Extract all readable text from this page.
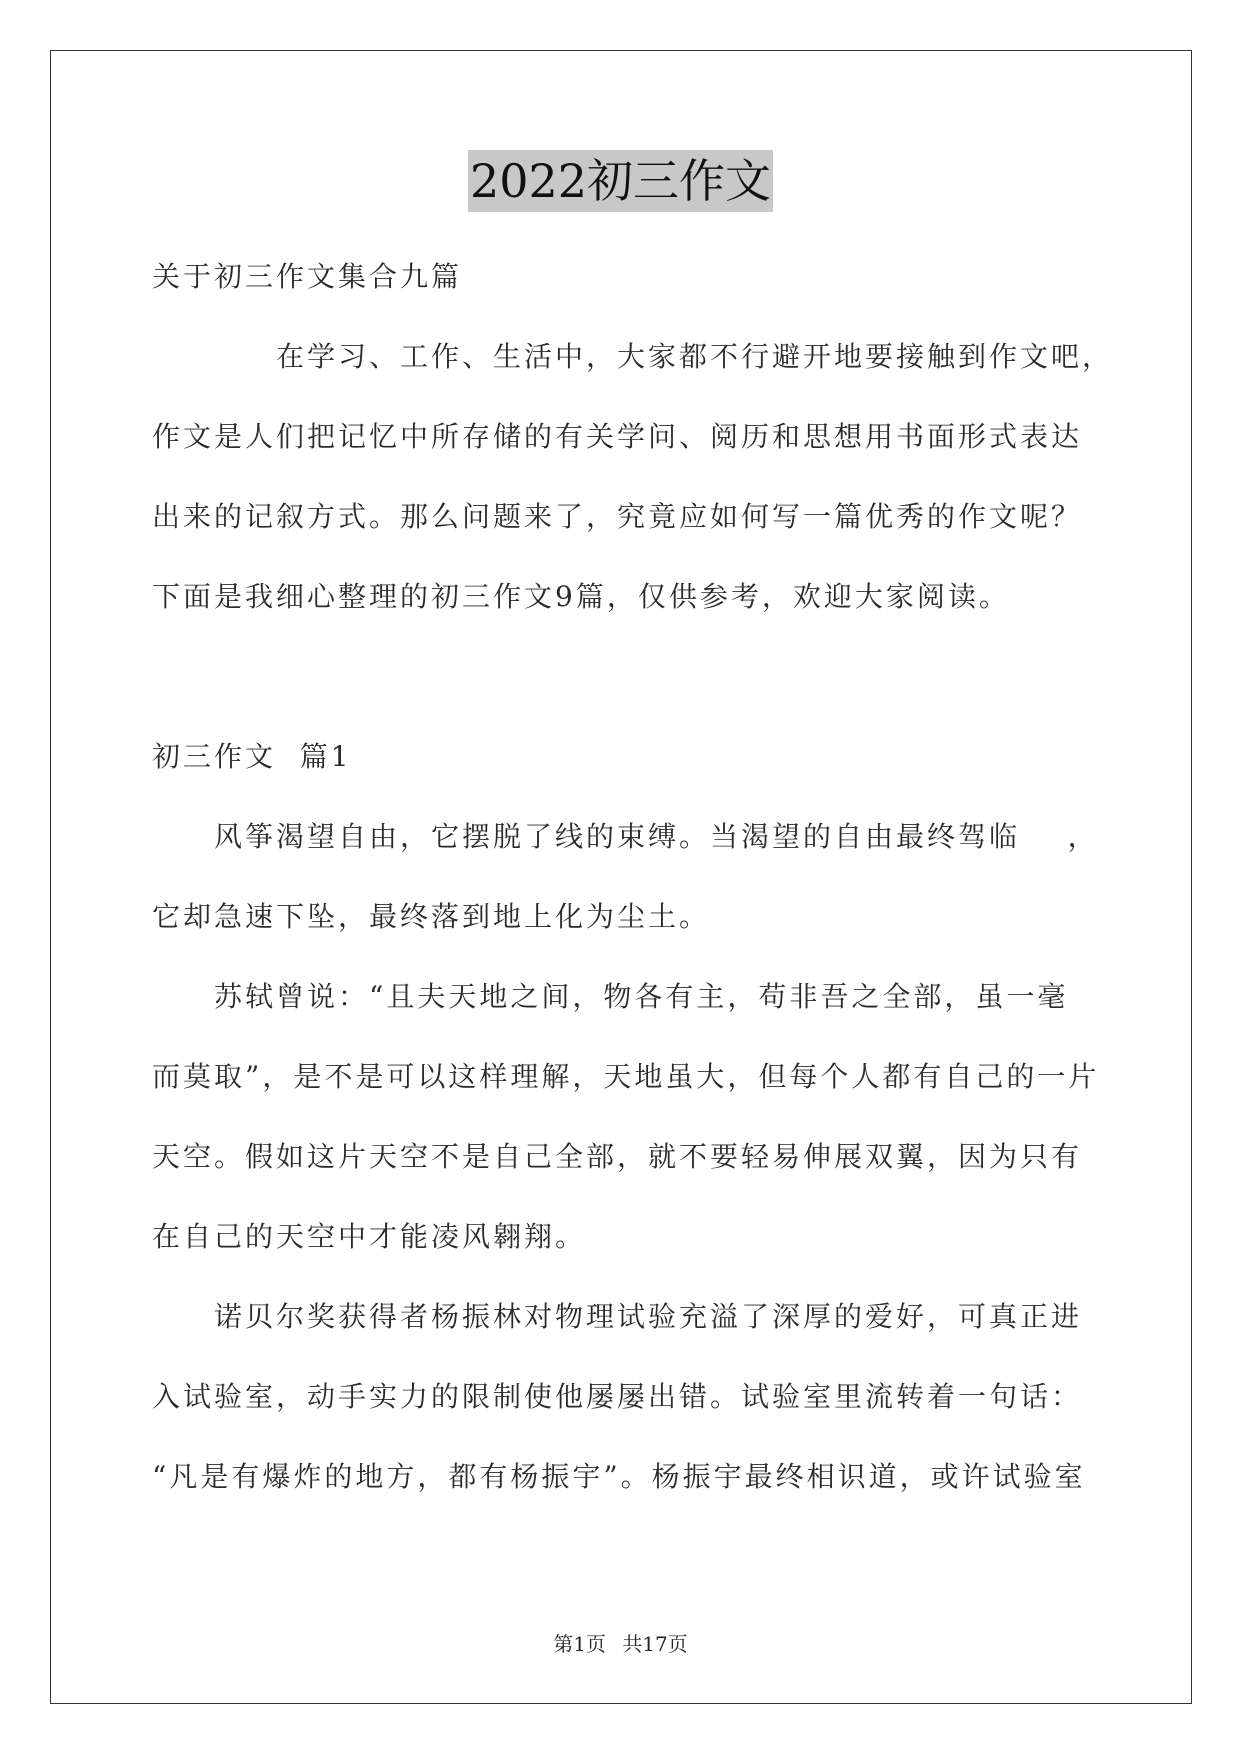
2022初三作文
关于初三作文集合九篇
在学习、工作、生活中，大家都不行避开地要接触到作文吧，
作文是人们把记忆中所存储的有关学问、阅历和思想用书面形式表达
出来的记叙方式。那么问题来了，究竟应如何写一篇优秀的作文呢？
下面是我细心整理的初三作文9篇，仅供参考，欢迎大家阅读。
初三作文  篇1
风筝渴望自由，它摆脱了线的束缚。当渴望的自由最终驾临    ，
它却急速下坠，最终落到地上化为尘土。
苏轼曾说：“且夫天地之间，物各有主，苟非吾之全部，虽一毫
而莫取”，是不是可以这样理解，天地虽大，但每个人都有自己的一片
天空。假如这片天空不是自己全部，就不要轻易伸展双翼，因为只有
在自己的天空中才能凌风翱翔。
诺贝尔奖获得者杨振林对物理试验充溢了深厚的爱好，可真正进
入试验室，动手实力的限制使他屡屡出错。试验室里流转着一句话：
“凡是有爆炸的地方，都有杨振宇”。杨振宇最终相识道，或许试验室
第1页 共17页
